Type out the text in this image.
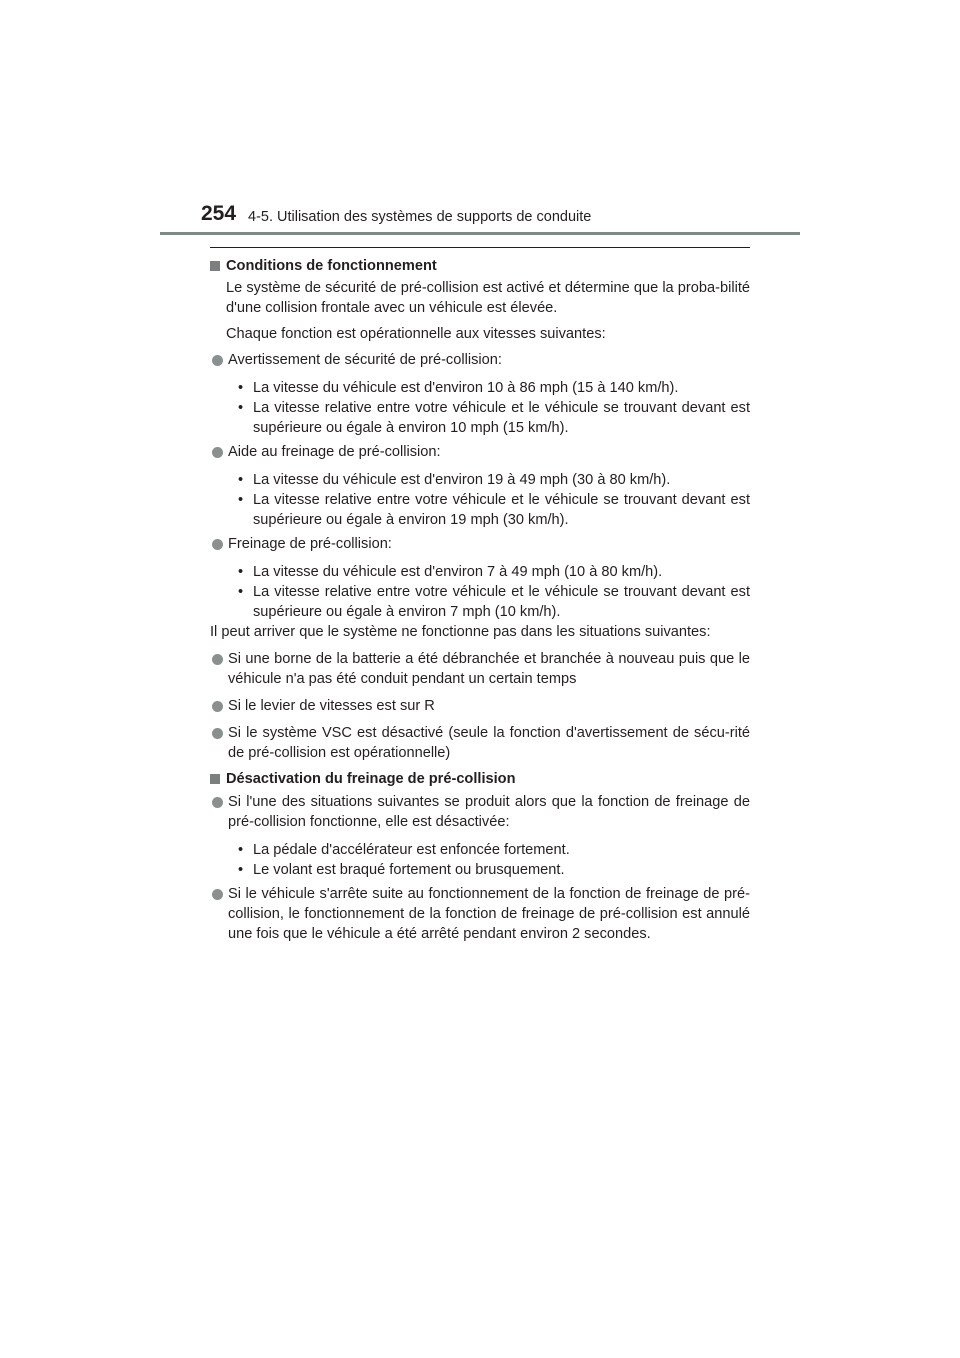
254 4-5. Utilisation des systèmes de supports de conduite
Conditions de fonctionnement

Le système de sécurité de pré-collision est activé et détermine que la proba-bilité d'une collision frontale avec un véhicule est élevée.

Chaque fonction est opérationnelle aux vitesses suivantes:

Avertissement de sécurité de pré-collision:
• La vitesse du véhicule est d'environ 10 à 86 mph (15 à 140 km/h).
• La vitesse relative entre votre véhicule et le véhicule se trouvant devant est supérieure ou égale à environ 10 mph (15 km/h).
Aide au freinage de pré-collision:
• La vitesse du véhicule est d'environ 19 à 49 mph (30 à 80 km/h).
• La vitesse relative entre votre véhicule et le véhicule se trouvant devant est supérieure ou égale à environ 19 mph (30 km/h).
Freinage de pré-collision:
• La vitesse du véhicule est d'environ 7 à 49 mph (10 à 80 km/h).
• La vitesse relative entre votre véhicule et le véhicule se trouvant devant est supérieure ou égale à environ 7 mph (10 km/h).

Il peut arriver que le système ne fonctionne pas dans les situations suivantes:

Si une borne de la batterie a été débranchée et branchée à nouveau puis que le véhicule n'a pas été conduit pendant un certain temps
Si le levier de vitesses est sur R
Si le système VSC est désactivé (seule la fonction d'avertissement de sécu-rité de pré-collision est opérationnelle)
Désactivation du freinage de pré-collision
Si l'une des situations suivantes se produit alors que la fonction de freinage de pré-collision fonctionne, elle est désactivée:
• La pédale d'accélérateur est enfoncée fortement.
• Le volant est braqué fortement ou brusquement.
Si le véhicule s'arrête suite au fonctionnement de la fonction de freinage de pré-collision, le fonctionnement de la fonction de freinage de pré-collision est annulé une fois que le véhicule a été arrêté pendant environ 2 secondes.
